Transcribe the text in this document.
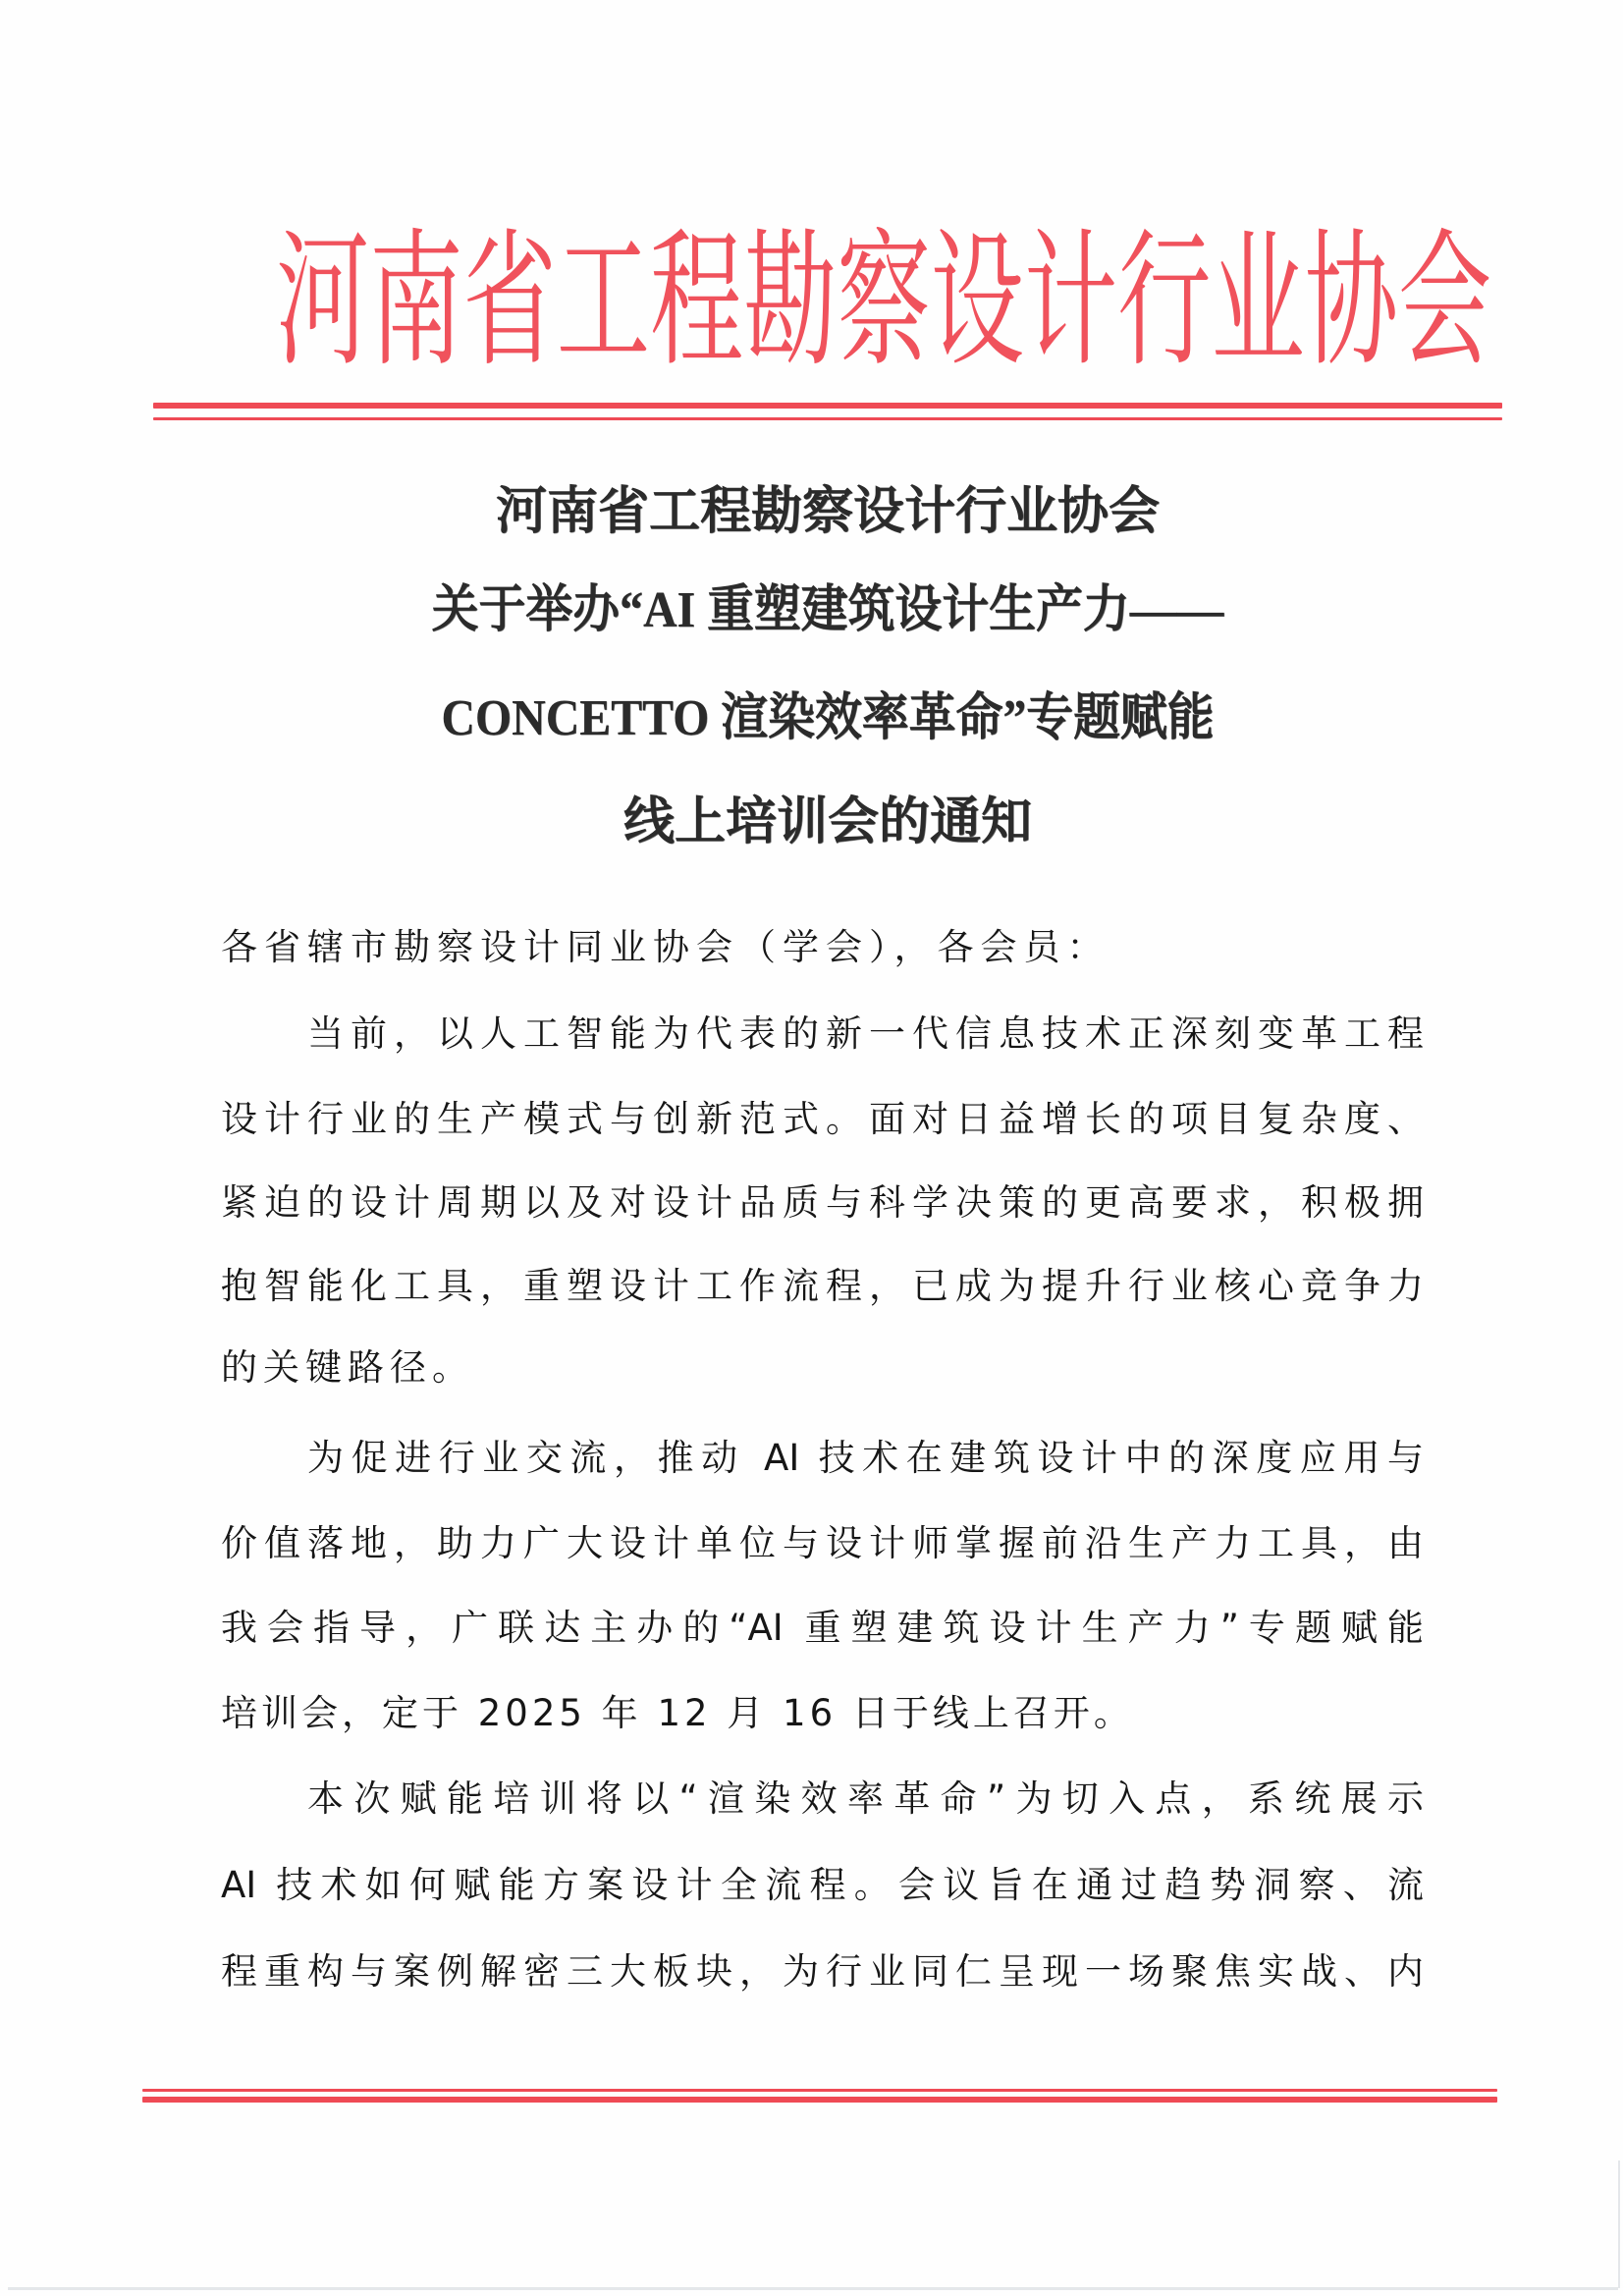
河南省工程勘察设计行业协会
河南省工程勘察设计行业协会
关于举办“AI 重塑建筑设计生产力——
CONCETTO 渲染效率革命”专题赋能
线上培训会的通知
各省辖市勘察设计同业协会（学会），各会员：
当前，以人工智能为代表的新一代信息技术正深刻变革工程
设计行业的生产模式与创新范式。面对日益增长的项目复杂度、
紧迫的设计周期以及对设计品质与科学决策的更高要求，积极拥
抱智能化工具，重塑设计工作流程，已成为提升行业核心竞争力
的关键路径。
为促进行业交流，推动 AI 技术在建筑设计中的深度应用与
价值落地，助力广大设计单位与设计师掌握前沿生产力工具，由
我会指导，广联达主办的“AI 重塑建筑设计生产力”专题赋能
培训会，定于 2025 年 12 月 16 日于线上召开。
本次赋能培训将以“渲染效率革命”为切入点，系统展示
AI 技术如何赋能方案设计全流程。会议旨在通过趋势洞察、流
程重构与案例解密三大板块，为行业同仁呈现一场聚焦实战、内
